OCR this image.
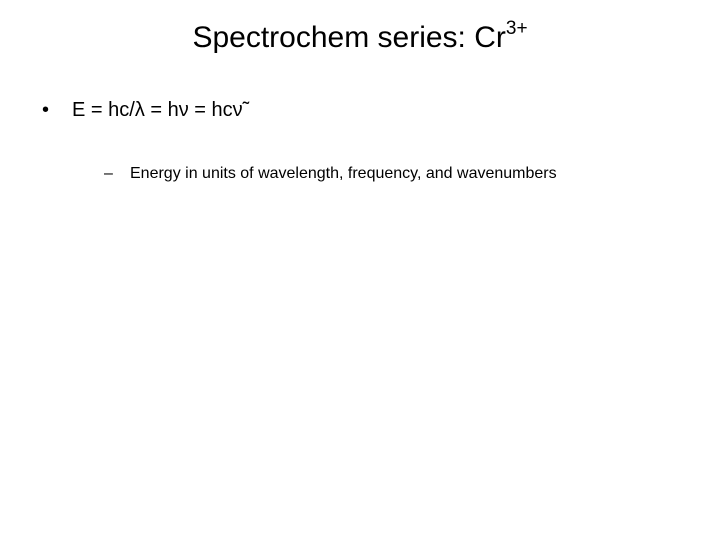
Spectrochem series: $Cr^{3+}$
• E = hc/λ = hν = hcν̃
– Energy in units of wavelength, frequency, and wavenumbers
